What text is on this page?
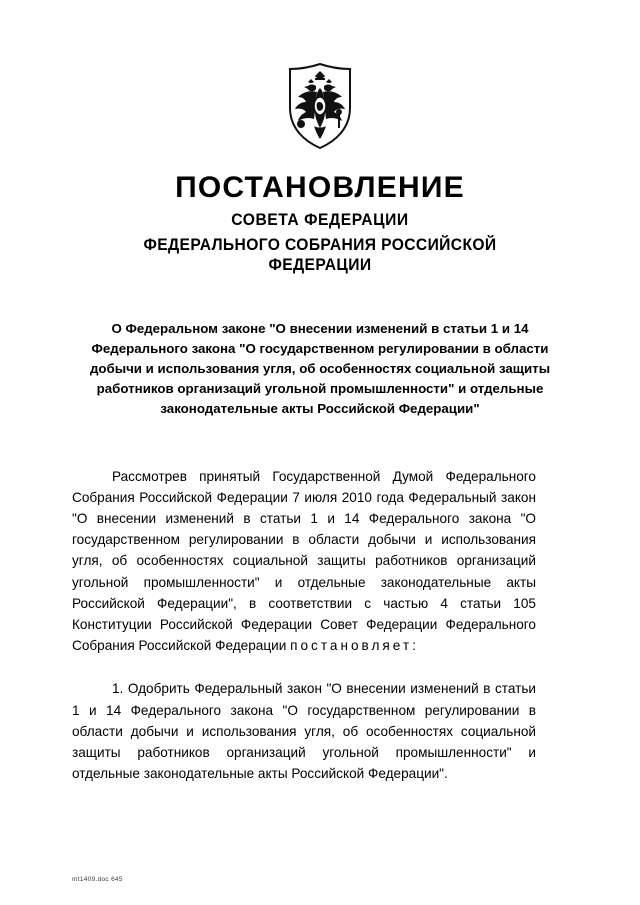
ПОСТАНОВЛЕНИЕ
СОВЕТА ФЕДЕРАЦИИ
ФЕДЕРАЛЬНОГО СОБРАНИЯ РОССИЙСКОЙ ФЕДЕРАЦИИ
О Федеральном законе "О внесении изменений в статьи 1 и 14 Федерального закона "О государственном регулировании в области добычи и использования угля, об особенностях социальной защиты работников организаций угольной промышленности" и отдельные законодательные акты Российской Федерации"

Рассмотрев принятый Государственной Думой Федерального Собрания Российской Федерации 7 июля 2010 года Федеральный закон "О внесении изменений в статьи 1 и 14 Федерального закона "О государственном регулировании в области добычи и использования угля, об особенностях социальной защиты работников организаций угольной промышленности" и отдельные законодательные акты Российской Федерации", в соответствии с частью 4 статьи 105 Конституции Российской Федерации Совет Федерации Федерального Собрания Российской Федерации постановляет:

1. Одобрить Федеральный закон "О внесении изменений в статьи 1 и 14 Федерального закона "О государственном регулировании в области добычи и использования угля, об особенностях социальной защиты работников организаций угольной промышленности" и отдельные законодательные акты Российской Федерации".

mt1409.doc 645
